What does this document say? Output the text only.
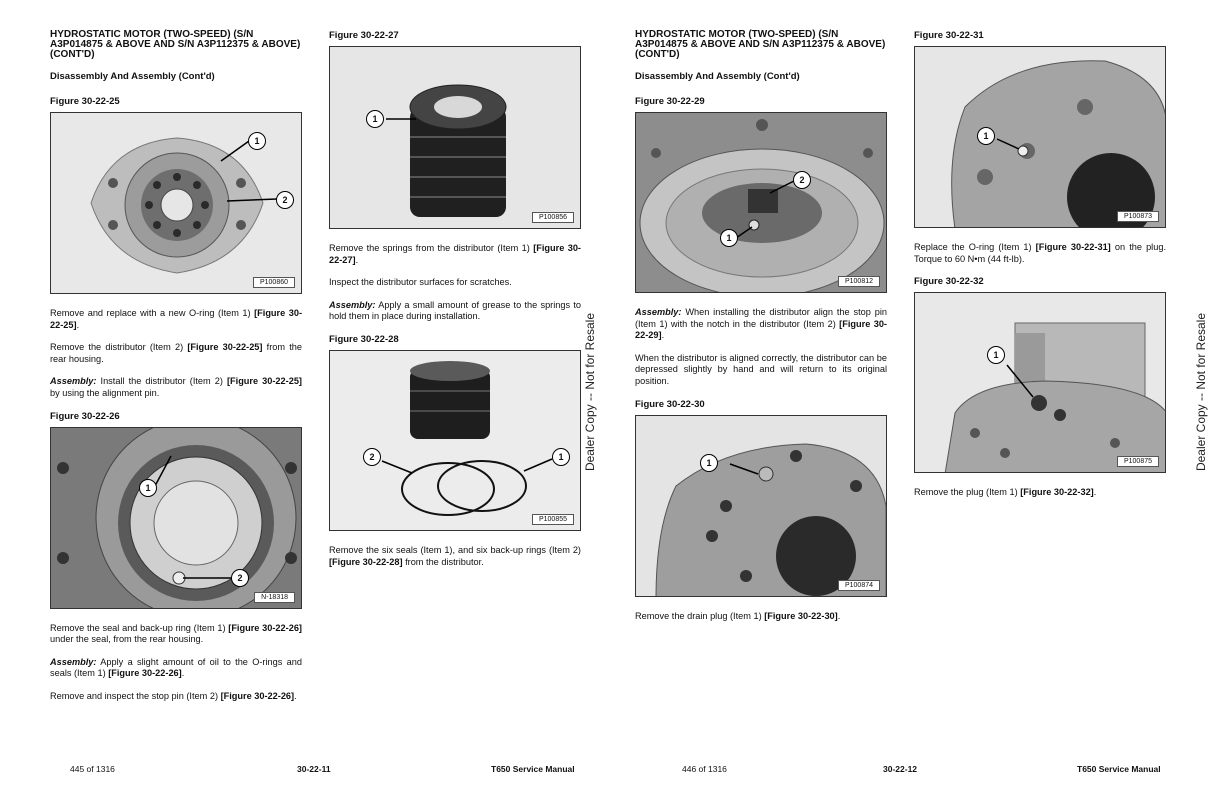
HYDROSTATIC MOTOR (TWO-SPEED) (S/N A3P014875 & ABOVE AND S/N A3P112375 & ABOVE) (CONT'D)
Disassembly And Assembly (Cont'd)
Figure 30-22-25
1
2
P100860
Remove and replace with a new O-ring (Item 1) [Figure 30-22-25].
Remove the distributor (Item 2) [Figure 30-22-25] from the rear housing.
Assembly: Install the distributor (Item 2) [Figure 30-22-25] by using the alignment pin.
Figure 30-22-26
1
2
N-18318
Remove the seal and back-up ring (Item 1) [Figure 30-22-26] under the seal, from the rear housing.
Assembly: Apply a slight amount of oil to the O-rings and seals (Item 1) [Figure 30-22-26].
Remove and inspect the stop pin (Item 2) [Figure 30-22-26].
Figure 30-22-27
1
P100856
Remove the springs from the distributor (Item 1) [Figure 30-22-27].
Inspect the distributor surfaces for scratches.
Assembly: Apply a small amount of grease to the springs to hold them in place during installation.
Figure 30-22-28
2	1
P100855
Remove the six seals (Item 1), and six back-up rings (Item 2) [Figure 30-22-28] from the distributor.
Dealer Copy -- Not for Resale
HYDROSTATIC MOTOR (TWO-SPEED) (S/N A3P014875 & ABOVE AND S/N A3P112375 & ABOVE) (CONT'D)
Disassembly And Assembly (Cont'd)
Figure 30-22-29
2
1
P100812
Assembly: When installing the distributor align the stop pin (Item 1) with the notch in the distributor (Item 2) [Figure 30-22-29].
When the distributor is aligned correctly, the distributor can be depressed slightly by hand and will return to its original position.
Figure 30-22-30
1
P100874
Remove the drain plug (Item 1) [Figure 30-22-30].
Figure 30-22-31
1
P100873
Replace the O-ring (Item 1) [Figure 30-22-31] on the plug. Torque to 60 N•m (44 ft-lb).
Figure 30-22-32
1
P100875
Remove the plug (Item 1) [Figure 30-22-32].
Dealer Copy -- Not for Resale
445 of 1316	30-22-11	T650 Service Manual	446 of 1316	30-22-12	T650 Service Manual
